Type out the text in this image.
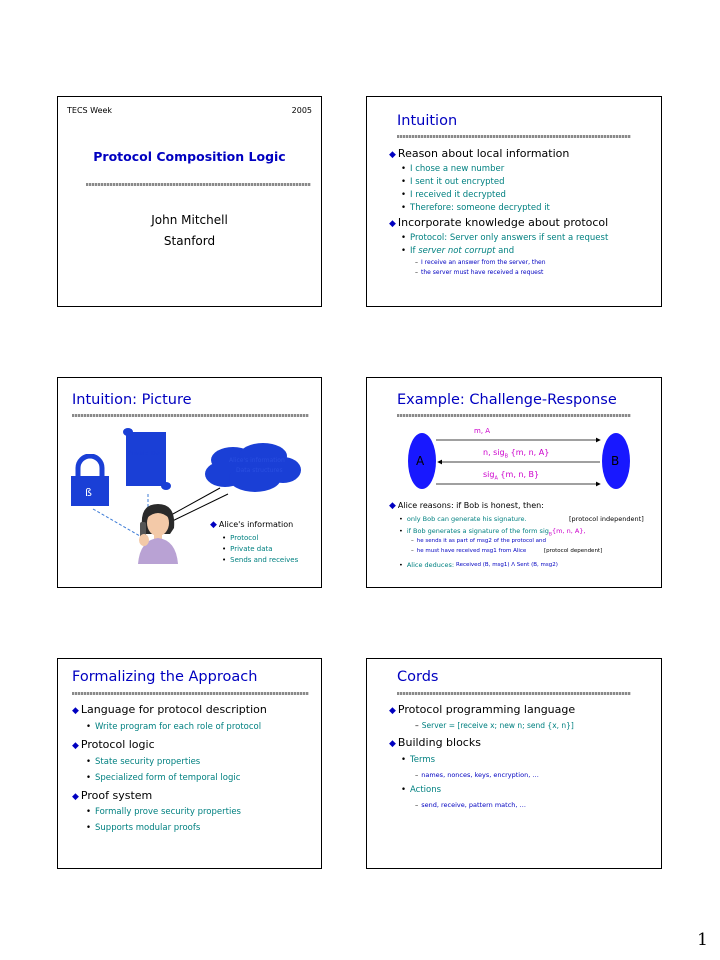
TECS Week	2005
Protocol Composition Logic
John Mitchell
Stanford
Intuition
◆ Reason about local information
• I chose a new number
• I sent it out encrypted
• I received it decrypted
• Therefore: someone decrypted it
◆ Incorporate knowledge about protocol
• Protocol: Server only answers if sent a request
• If server not corrupt and
– I receive an answer from the server, then
– the server must have received a request
Intuition: Picture
Private Data
Alice's information
Data structures
ß
◆ Alice's information
• Protocol
• Private data
• Sends and receives
Example: Challenge-Response
A	B
m, A
n, sig$_B$ {m, n, A}
sig$_A$ {m, n, B}
◆ Alice reasons: if Bob is honest, then:
• only Bob can generate his signature.	[protocol independent]
• if Bob generates a signature of the form sig$_B${m, n, A},
– he sends it as part of msg2 of the protocol and
– he must have received msg1 from Alice	[protocol dependent]
• Alice deduces: Received (B, msg1) Λ Sent (B, msg2)
Formalizing the Approach
◆ Language for protocol description
• Write program for each role of protocol
◆ Protocol logic
• State security properties
• Specialized form of temporal logic
◆ Proof system
• Formally prove security properties
• Supports modular proofs
Cords
◆ Protocol programming language
– Server = [receive x; new n; send {x, n}]
◆ Building blocks
• Terms
– names, nonces, keys, encryption, …
• Actions
– send, receive, pattern match, …
1
